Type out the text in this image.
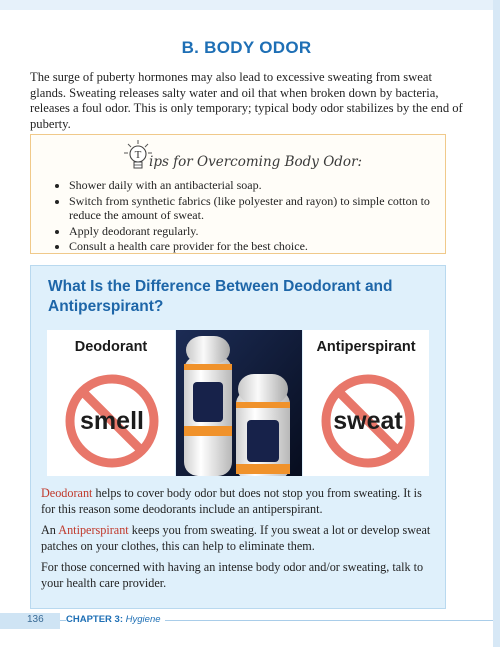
B. BODY ODOR

The surge of puberty hormones may also lead to excessive sweating from sweat glands. Sweating releases salty water and oil that when broken down by bacteria, releases a foul odor. This is only temporary; typical body odor stabilizes by the end of puberty.

T ips for Overcoming Body Odor:
• Shower daily with an antibacterial soap.
• Switch from synthetic fabrics (like polyester and rayon) to simple cotton to reduce the amount of sweat.
• Apply deodorant regularly.
• Consult a health care provider for the best choice.
What Is the Difference Between Deodorant and Antiperspirant?
Deodorant
smell
Antiperspirant
sweat

Deodorant helps to cover body odor but does not stop you from sweating. It is for this reason some deodorants include an antiperspirant.

An Antiperspirant keeps you from sweating. If you sweat a lot or develop sweat patches on your clothes, this can help to eliminate them.

For those concerned with having an intense body odor and/or sweating, talk to your health care provider.

136 CHAPTER 3: Hygiene
